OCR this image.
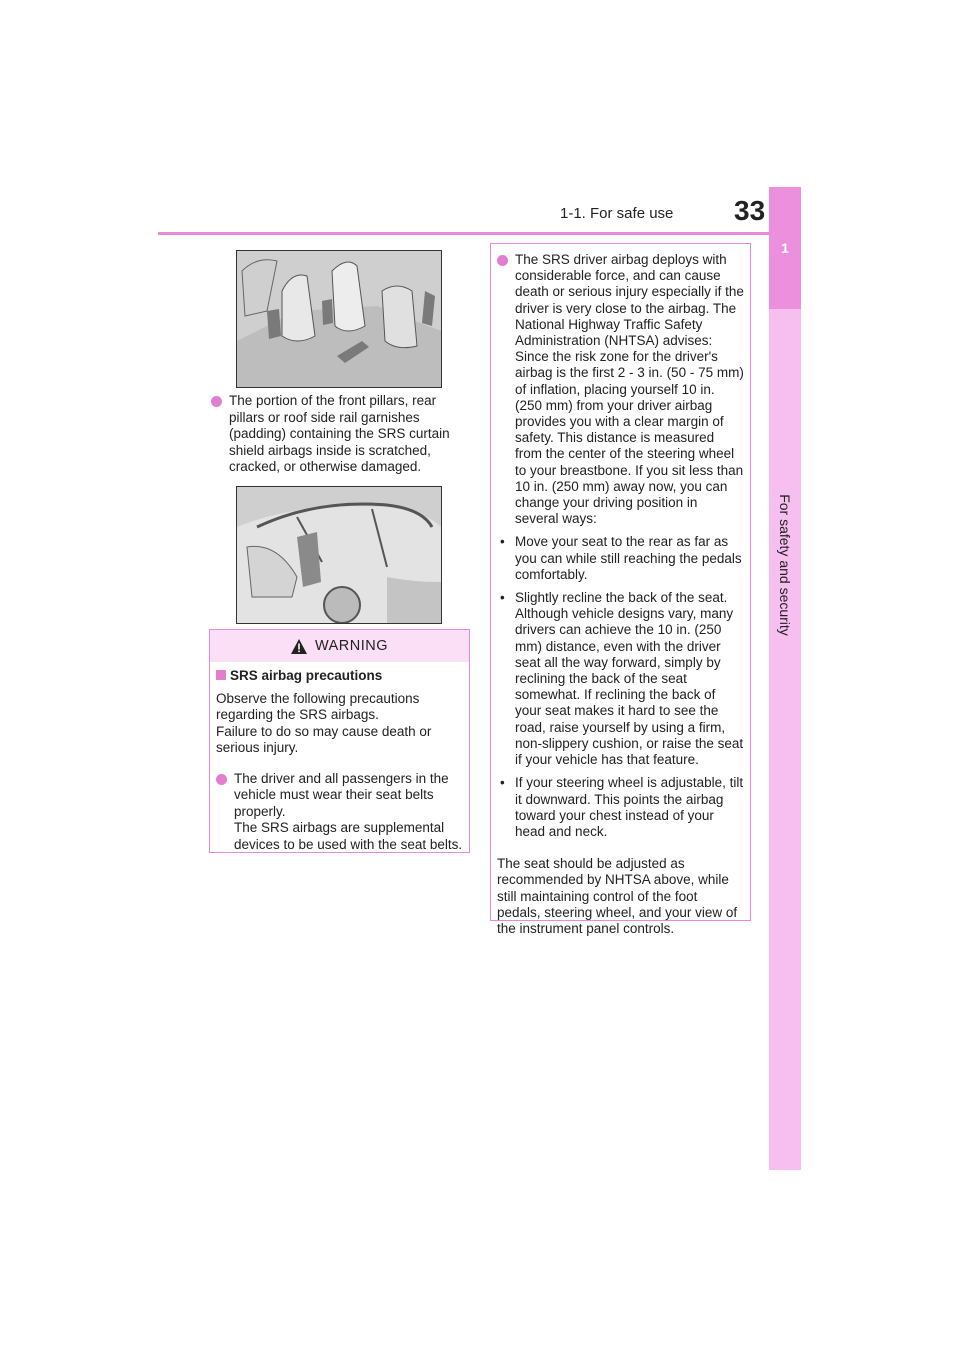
1-1. For safe use 33
1
For safety and security
The portion of the front pillars, rear pillars or roof side rail garnishes (padding) containing the SRS curtain shield airbags inside is scratched, cracked, or otherwise damaged.
WARNING
SRS airbag precautions

Observe the following precautions regarding the SRS airbags.

Failure to do so may cause death or serious injury.

The driver and all passengers in the vehicle must wear their seat belts properly.

The SRS airbags are supplemental devices to be used with the seat belts.

The SRS driver airbag deploys with considerable force, and can cause death or serious injury especially if the driver is very close to the airbag. The National Highway Traffic Safety Administration (NHTSA) advises:

Since the risk zone for the driver's airbag is the first 2 - 3 in. (50 - 75 mm) of inflation, placing yourself 10 in. (250 mm) from your driver airbag provides you with a clear margin of safety. This distance is measured from the center of the steering wheel to your breastbone. If you sit less than 10 in. (250 mm) away now, you can change your driving position in several ways:

• Move your seat to the rear as far as you can while still reaching the pedals comfortably.

• Slightly recline the back of the seat. Although vehicle designs vary, many drivers can achieve the 10 in. (250 mm) distance, even with the driver seat all the way forward, simply by reclining the back of the seat somewhat. If reclining the back of your seat makes it hard to see the road, raise yourself by using a firm, non-slippery cushion, or raise the seat if your vehicle has that feature.

• If your steering wheel is adjustable, tilt it downward. This points the airbag toward your chest instead of your head and neck.

The seat should be adjusted as recommended by NHTSA above, while still maintaining control of the foot pedals, steering wheel, and your view of the instrument panel controls.
